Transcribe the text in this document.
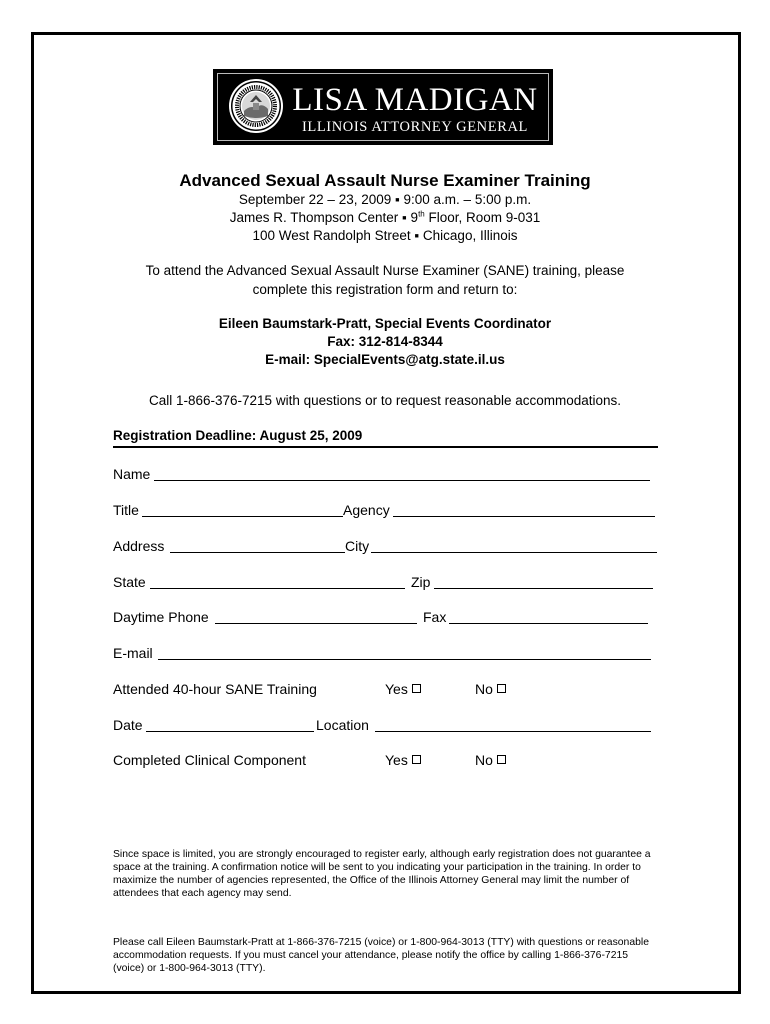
LISA MADIGAN
ILLINOIS ATTORNEY GENERAL
Advanced Sexual Assault Nurse Examiner Training
September 22 – 23, 2009 ▪ 9:00 a.m. – 5:00 p.m.
James R. Thompson Center ▪ 9th Floor, Room 9-031
100 West Randolph Street ▪ Chicago, Illinois
To attend the Advanced Sexual Assault Nurse Examiner (SANE) training, please
complete this registration form and return to:
Eileen Baumstark-Pratt, Special Events Coordinator
Fax: 312-814-8344
E-mail: SpecialEvents@atg.state.il.us
Call 1-866-376-7215 with questions or to request reasonable accommodations.
Registration Deadline: August 25, 2009
Name
Title	Agency
Address	City
State	Zip
Daytime Phone	Fax
E-mail
Attended 40-hour SANE Training	Yes	No
Date	Location
Completed Clinical Component	Yes	No
Since space is limited, you are strongly encouraged to register early, although early registration does not guarantee a space at the training. A confirmation notice will be sent to you indicating your participation in the training. In order to maximize the number of agencies represented, the Office of the Illinois Attorney General may limit the number of attendees that each agency may send.
Please call Eileen Baumstark-Pratt at 1-866-376-7215 (voice) or 1-800-964-3013 (TTY) with questions or reasonable accommodation requests. If you must cancel your attendance, please notify the office by calling 1-866-376-7215 (voice) or 1-800-964-3013 (TTY).
